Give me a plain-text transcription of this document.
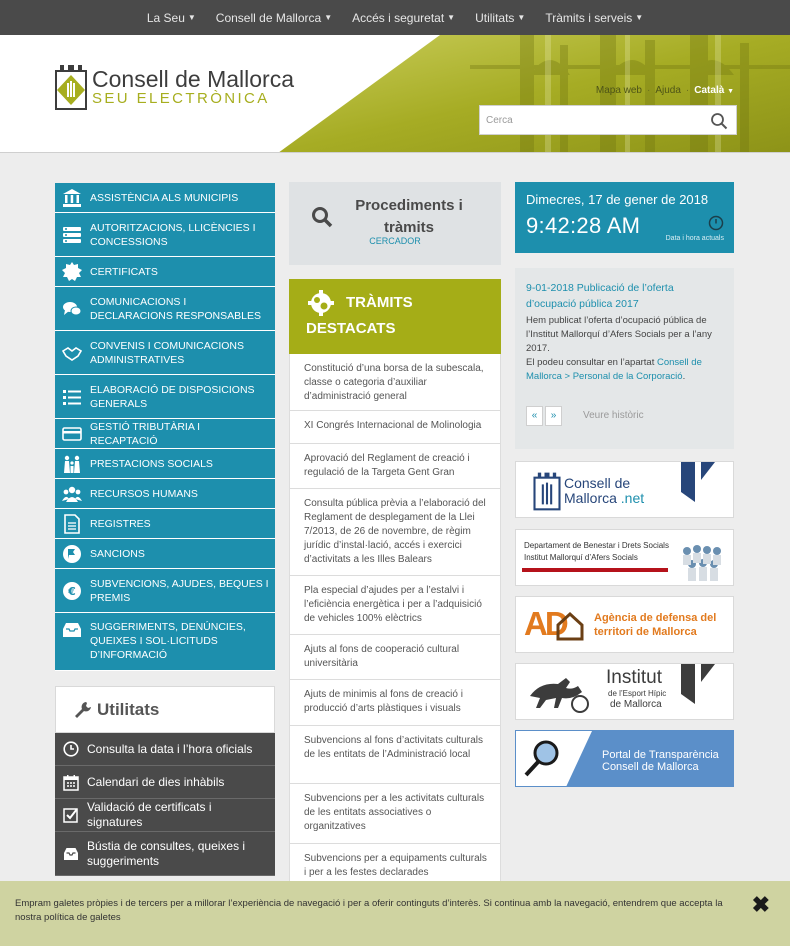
La Seu ▼ Consell de Mallorca ▼ Accés i seguretat ▼ Utilitats ▼ Tràmits i serveis ▼
Consell de Mallorca
SEU ELECTRÒNICA	Mapa web · Ajuda · Català ▼
Cerca
ASSISTÈNCIA ALS MUNICIPIS
AUTORITZACIONS, LLICÈNCIES I CONCESSIONS
CERTIFICATS
COMUNICACIONS I DECLARACIONS RESPONSABLES
CONVENIS I COMUNICACIONS ADMINISTRATIVES
ELABORACIÓ DE DISPOSICIONS GENERALS
GESTIÓ TRIBUTÀRIA I RECAPTACIÓ
PRESTACIONS SOCIALS
RECURSOS HUMANS
REGISTRES
SANCIONS
€
SUBVENCIONS, AJUDES, BEQUES I PREMIS
SUGGERIMENTS, DENÚNCIES, QUEIXES I SOL·LICITUDS D’INFORMACIÓ
Utilitats
Consulta la data i l’hora oficials
Calendari de dies inhàbils
Validació de certificats i signatures
Bústia de consultes, queixes i suggeriments
Procediments i tràmits
CERCADOR
TRÀMITS
DESTACATS
Constitució d’una borsa de la subescala, classe o categoria d’auxiliar d’administració general
XI Congrés Internacional de Molinologia
Aprovació del Reglament de creació i regulació de la Targeta Gent Gran
Consulta pública prèvia a l’elaboració del Reglament de desplegament de la Llei 7/2013, de 26 de novembre, de règim jurídic d’instal·lació, accés i exercici d’activitats a les Illes Balears
Pla especial d’ajudes per a l’estalvi i l’eficiència energètica i per a l’adquisició de vehicles 100% elèctrics
Ajuts al fons de cooperació cultural universitària
Ajuts de minimis al fons de creació i producció d’arts plàstiques i visuals
Subvencions al fons d’activitats culturals de les entitats de l’Administració local
Subvencions per a les activitats culturals de les entitats associatives o organitzatives
Subvencions per a equipaments culturals i per a les festes declarades
Dimecres, 17 de gener de 2018
9:42:28 AM
Data i hora actuals
9-01-2018 Publicació de l’oferta d’ocupació pública 2017
Hem publicat l’oferta d’ocupació pública de l’Institut Mallorquí d’Afers Socials per a l’any 2017.
El podeu consultar en l’apartat Consell de Mallorca > Personal de la Corporació.
«	»	Veure històric
Consell de
Mallorca .net
Departament de Benestar i Drets Socials
Institut Mallorquí d’Afers Socials
AD	Agència de defensa del
territori de Mallorca
Institut
de l’Esport Hípic
de Mallorca
Portal de Transparència
Consell de Mallorca
Empram galetes pròpies i de tercers per a millorar l’experiència de navegació i per a oferir continguts d’interès. Si continua amb la navegació, entendrem que accepta la nostra política de galetes
✖
